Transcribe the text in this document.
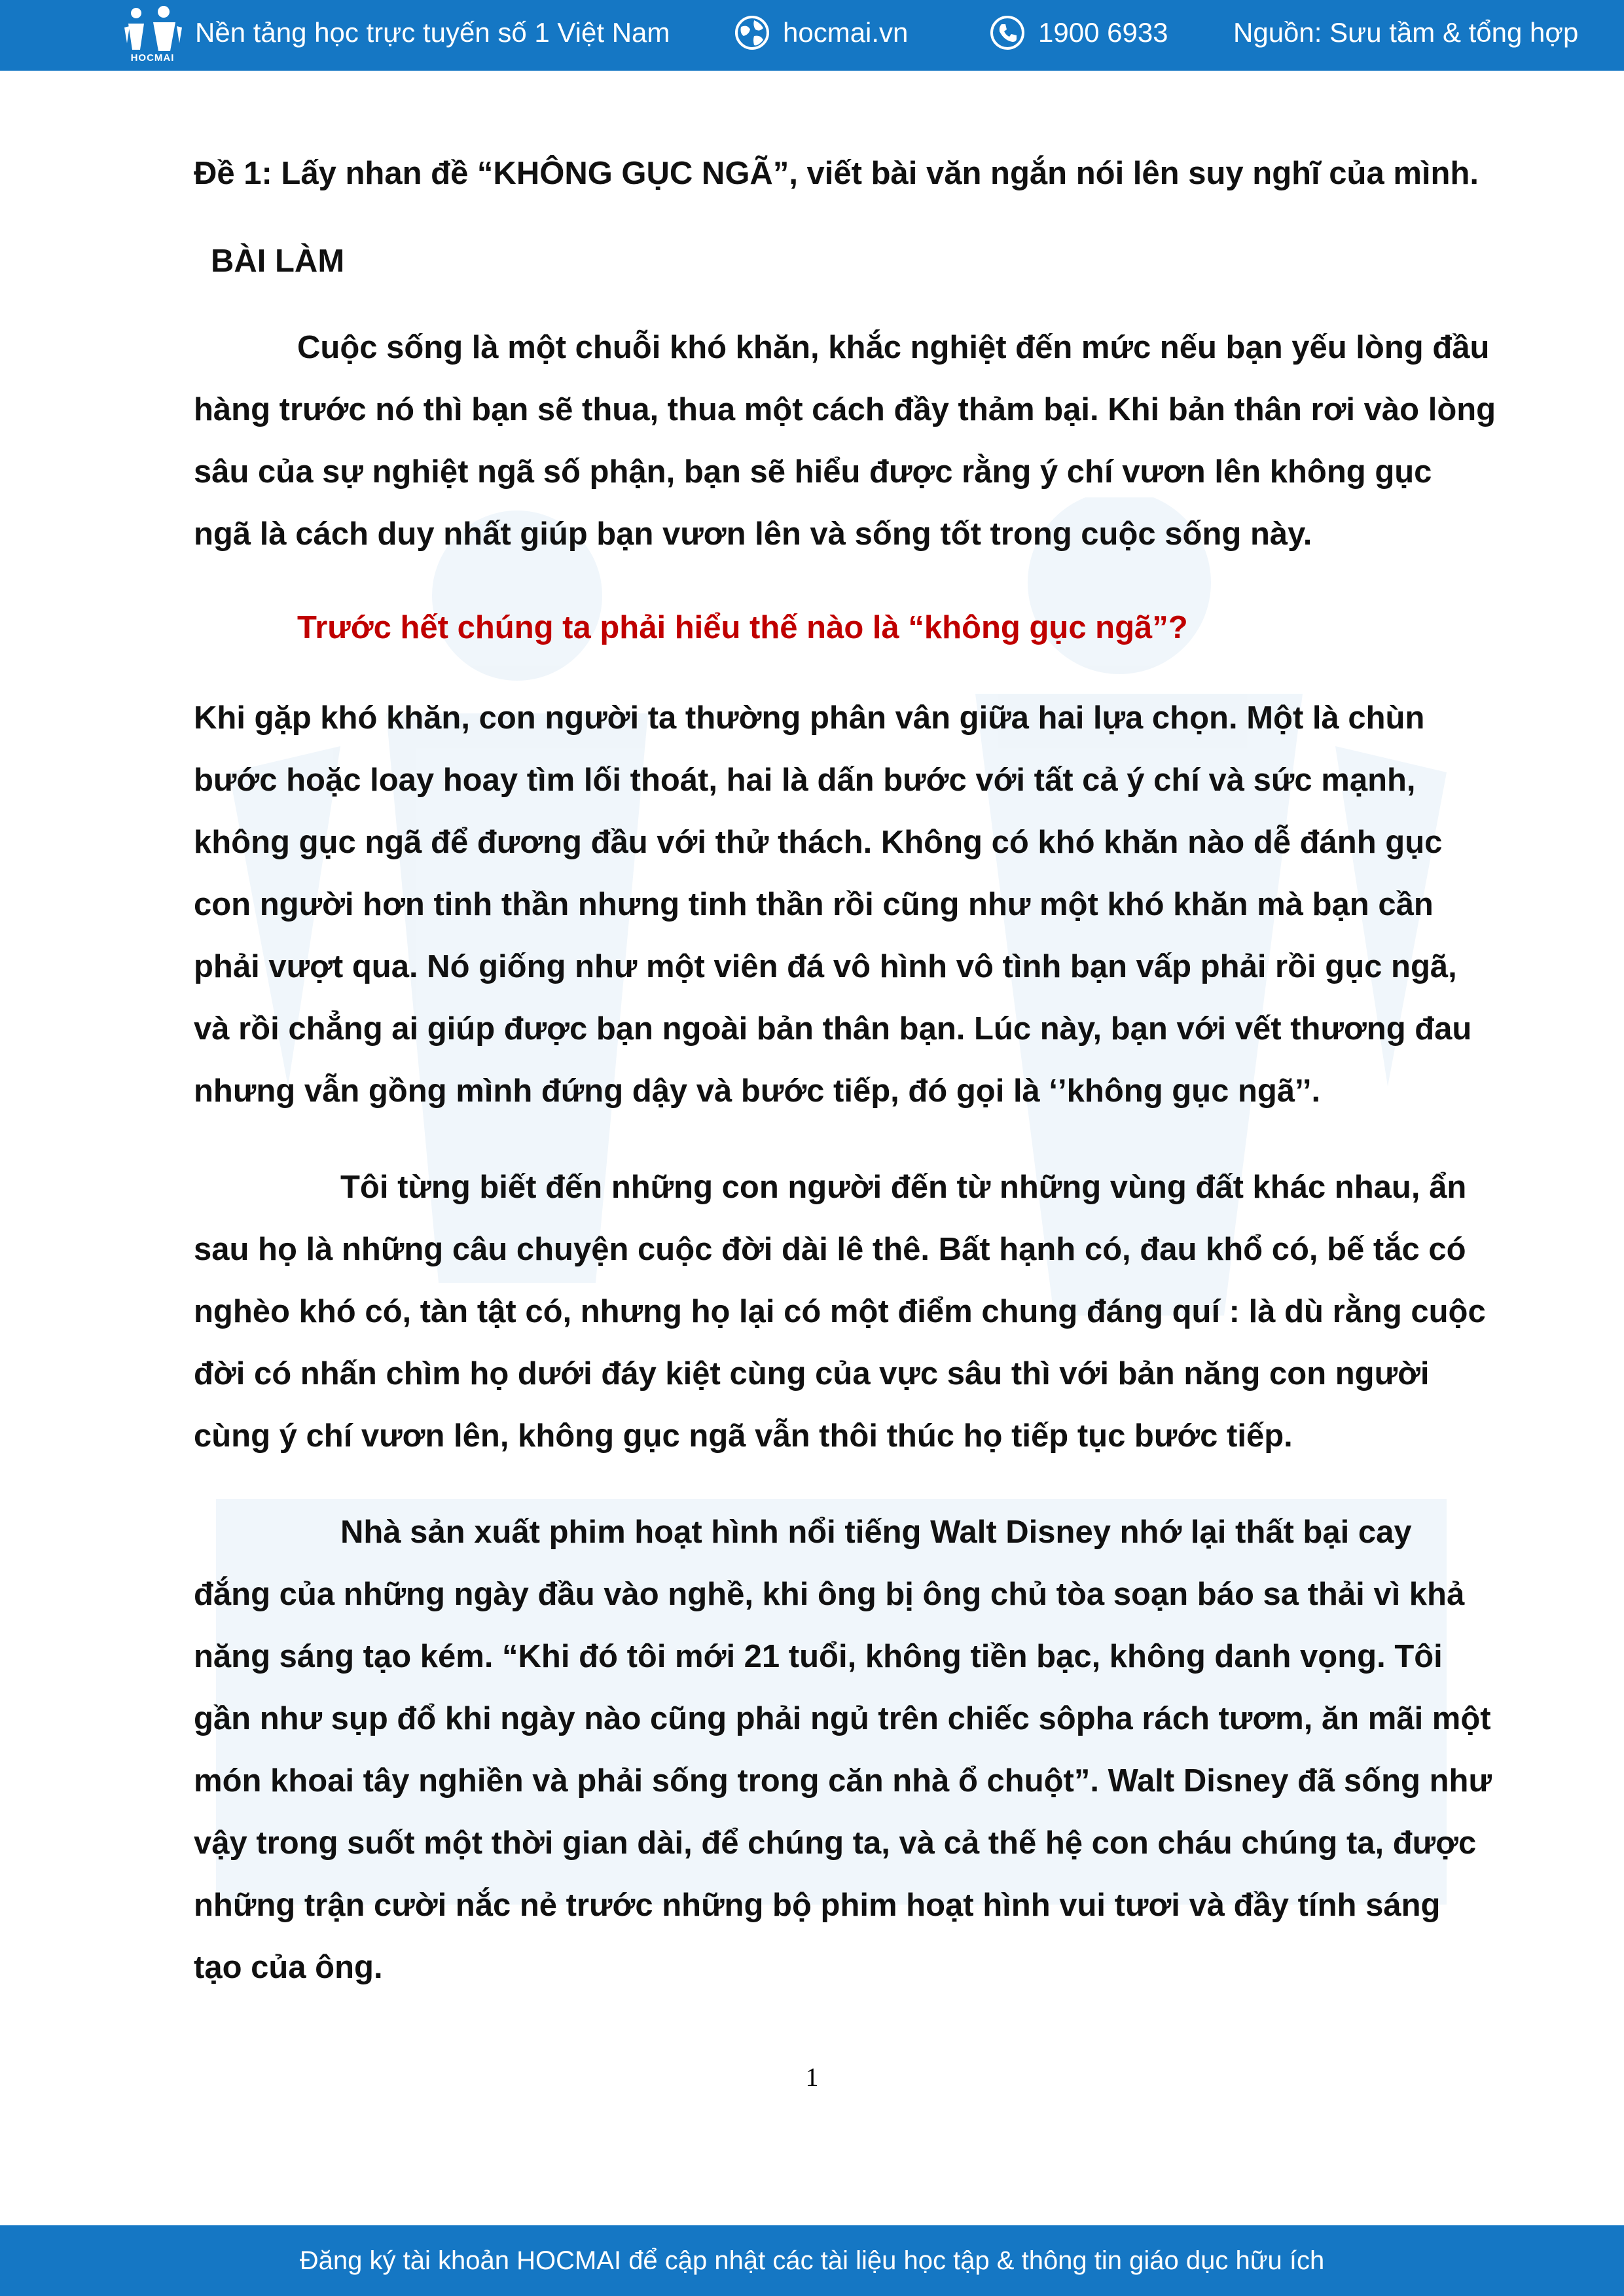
HOCMAI
Nền tảng học trực tuyến số 1 Việt Nam	hocmai.vn	1900 6933 Nguồn: Sưu tầm & tổng hợp

Đề 1: Lấy nhan đề “KHÔNG GỤC NGÃ”, viết bài văn ngắn nói lên suy nghĩ của mình.

BÀI LÀM

Cuộc sống là một chuỗi khó khăn, khắc nghiệt đến mức nếu bạn yếu lòng đầu hàng trước nó thì bạn sẽ thua, thua một cách đầy thảm bại. Khi bản thân rơi vào lòng sâu của sự nghiệt ngã số phận, bạn sẽ hiểu được rằng ý chí vươn lên không gục ngã là cách duy nhất giúp bạn vươn lên và sống tốt trong cuộc sống này.

Trước hết chúng ta phải hiểu thế nào là “không gục ngã”?

Khi gặp khó khăn, con người ta thường phân vân giữa hai lựa chọn. Một là chùn bước hoặc loay hoay tìm lối thoát, hai là dấn bước với tất cả ý chí và sức mạnh, không gục ngã để đương đầu với thử thách. Không có khó khăn nào dễ đánh gục con người hơn tinh thần nhưng tinh thần rồi cũng như một khó khăn mà bạn cần phải vượt qua. Nó giống như một viên đá vô hình vô tình bạn vấp phải rồi gục ngã, và rồi chẳng ai giúp được bạn ngoài bản thân bạn. Lúc này, bạn với vết thương đau nhưng vẫn gồng mình đứng dậy và bước tiếp, đó gọi là ‘’không gục ngã’’.

Tôi từng biết đến những con người đến từ những vùng đất khác nhau, ẩn sau họ là những câu chuyện cuộc đời dài lê thê. Bất hạnh có, đau khổ có, bế tắc có nghèo khó có, tàn tật có, nhưng họ lại có một điểm chung đáng quí : là dù rằng cuộc đời có nhấn chìm họ dưới đáy kiệt cùng của vực sâu thì với bản năng con người cùng ý chí vươn lên, không gục ngã vẫn thôi thúc họ tiếp tục bước tiếp.

Nhà sản xuất phim hoạt hình nổi tiếng Walt Disney nhớ lại thất bại cay đắng của những ngày đầu vào nghề, khi ông bị ông chủ tòa soạn báo sa thải vì khả năng sáng tạo kém. “Khi đó tôi mới 21 tuổi, không tiền bạc, không danh vọng. Tôi gần như sụp đổ khi ngày nào cũng phải ngủ trên chiếc sôpha rách tươm, ăn mãi một món khoai tây nghiền và phải sống trong căn nhà ổ chuột”. Walt Disney đã sống như vậy trong suốt một thời gian dài, để chúng ta, và cả thế hệ con cháu chúng ta, được những trận cười nắc nẻ trước những bộ phim hoạt hình vui tươi và đầy tính sáng tạo của ông.

1
Đăng ký tài khoản HOCMAI để cập nhật các tài liệu học tập & thông tin giáo dục hữu ích
